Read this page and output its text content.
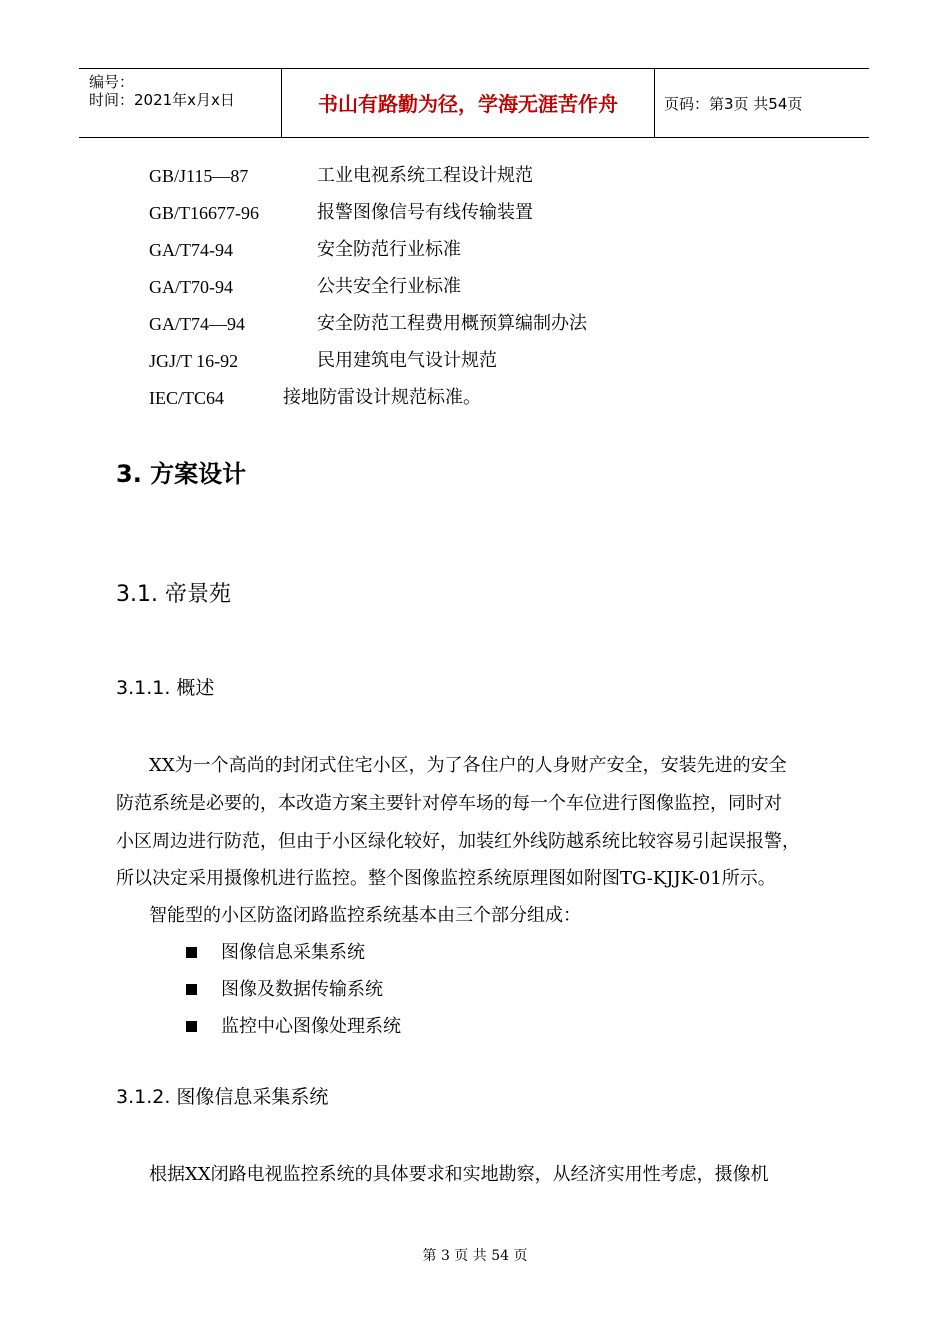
编号：
时间：2021年x月x日	书山有路勤为径，学海无涯苦作舟	页码：第3页 共54页
GB/J115—87	工业电视系统工程设计规范
GB/T16677-96	报警图像信号有线传输装置
GA/T74-94	安全防范行业标准
GA/T70-94	公共安全行业标准
GA/T74—94	安全防范工程费用概预算编制办法
JGJ/T 16-92	民用建筑电气设计规范
IEC/TC64	接地防雷设计规范标准。
3. 方案设计
3.1. 帝景苑
3.1.1. 概述
XX为一个高尚的封闭式住宅小区，为了各住户的人身财产安全，安装先进的安全
防范系统是必要的，本改造方案主要针对停车场的每一个车位进行图像监控，同时对
小区周边进行防范，但由于小区绿化较好，加装红外线防越系统比较容易引起误报警，
所以决定采用摄像机进行监控。整个图像监控系统原理图如附图TG-KJJK-01所示。
智能型的小区防盗闭路监控系统基本由三个部分组成：
图像信息采集系统
图像及数据传输系统
监控中心图像处理系统
3.1.2. 图像信息采集系统
根据XX闭路电视监控系统的具体要求和实地勘察，从经济实用性考虑，摄像机
第 3 页 共 54 页
